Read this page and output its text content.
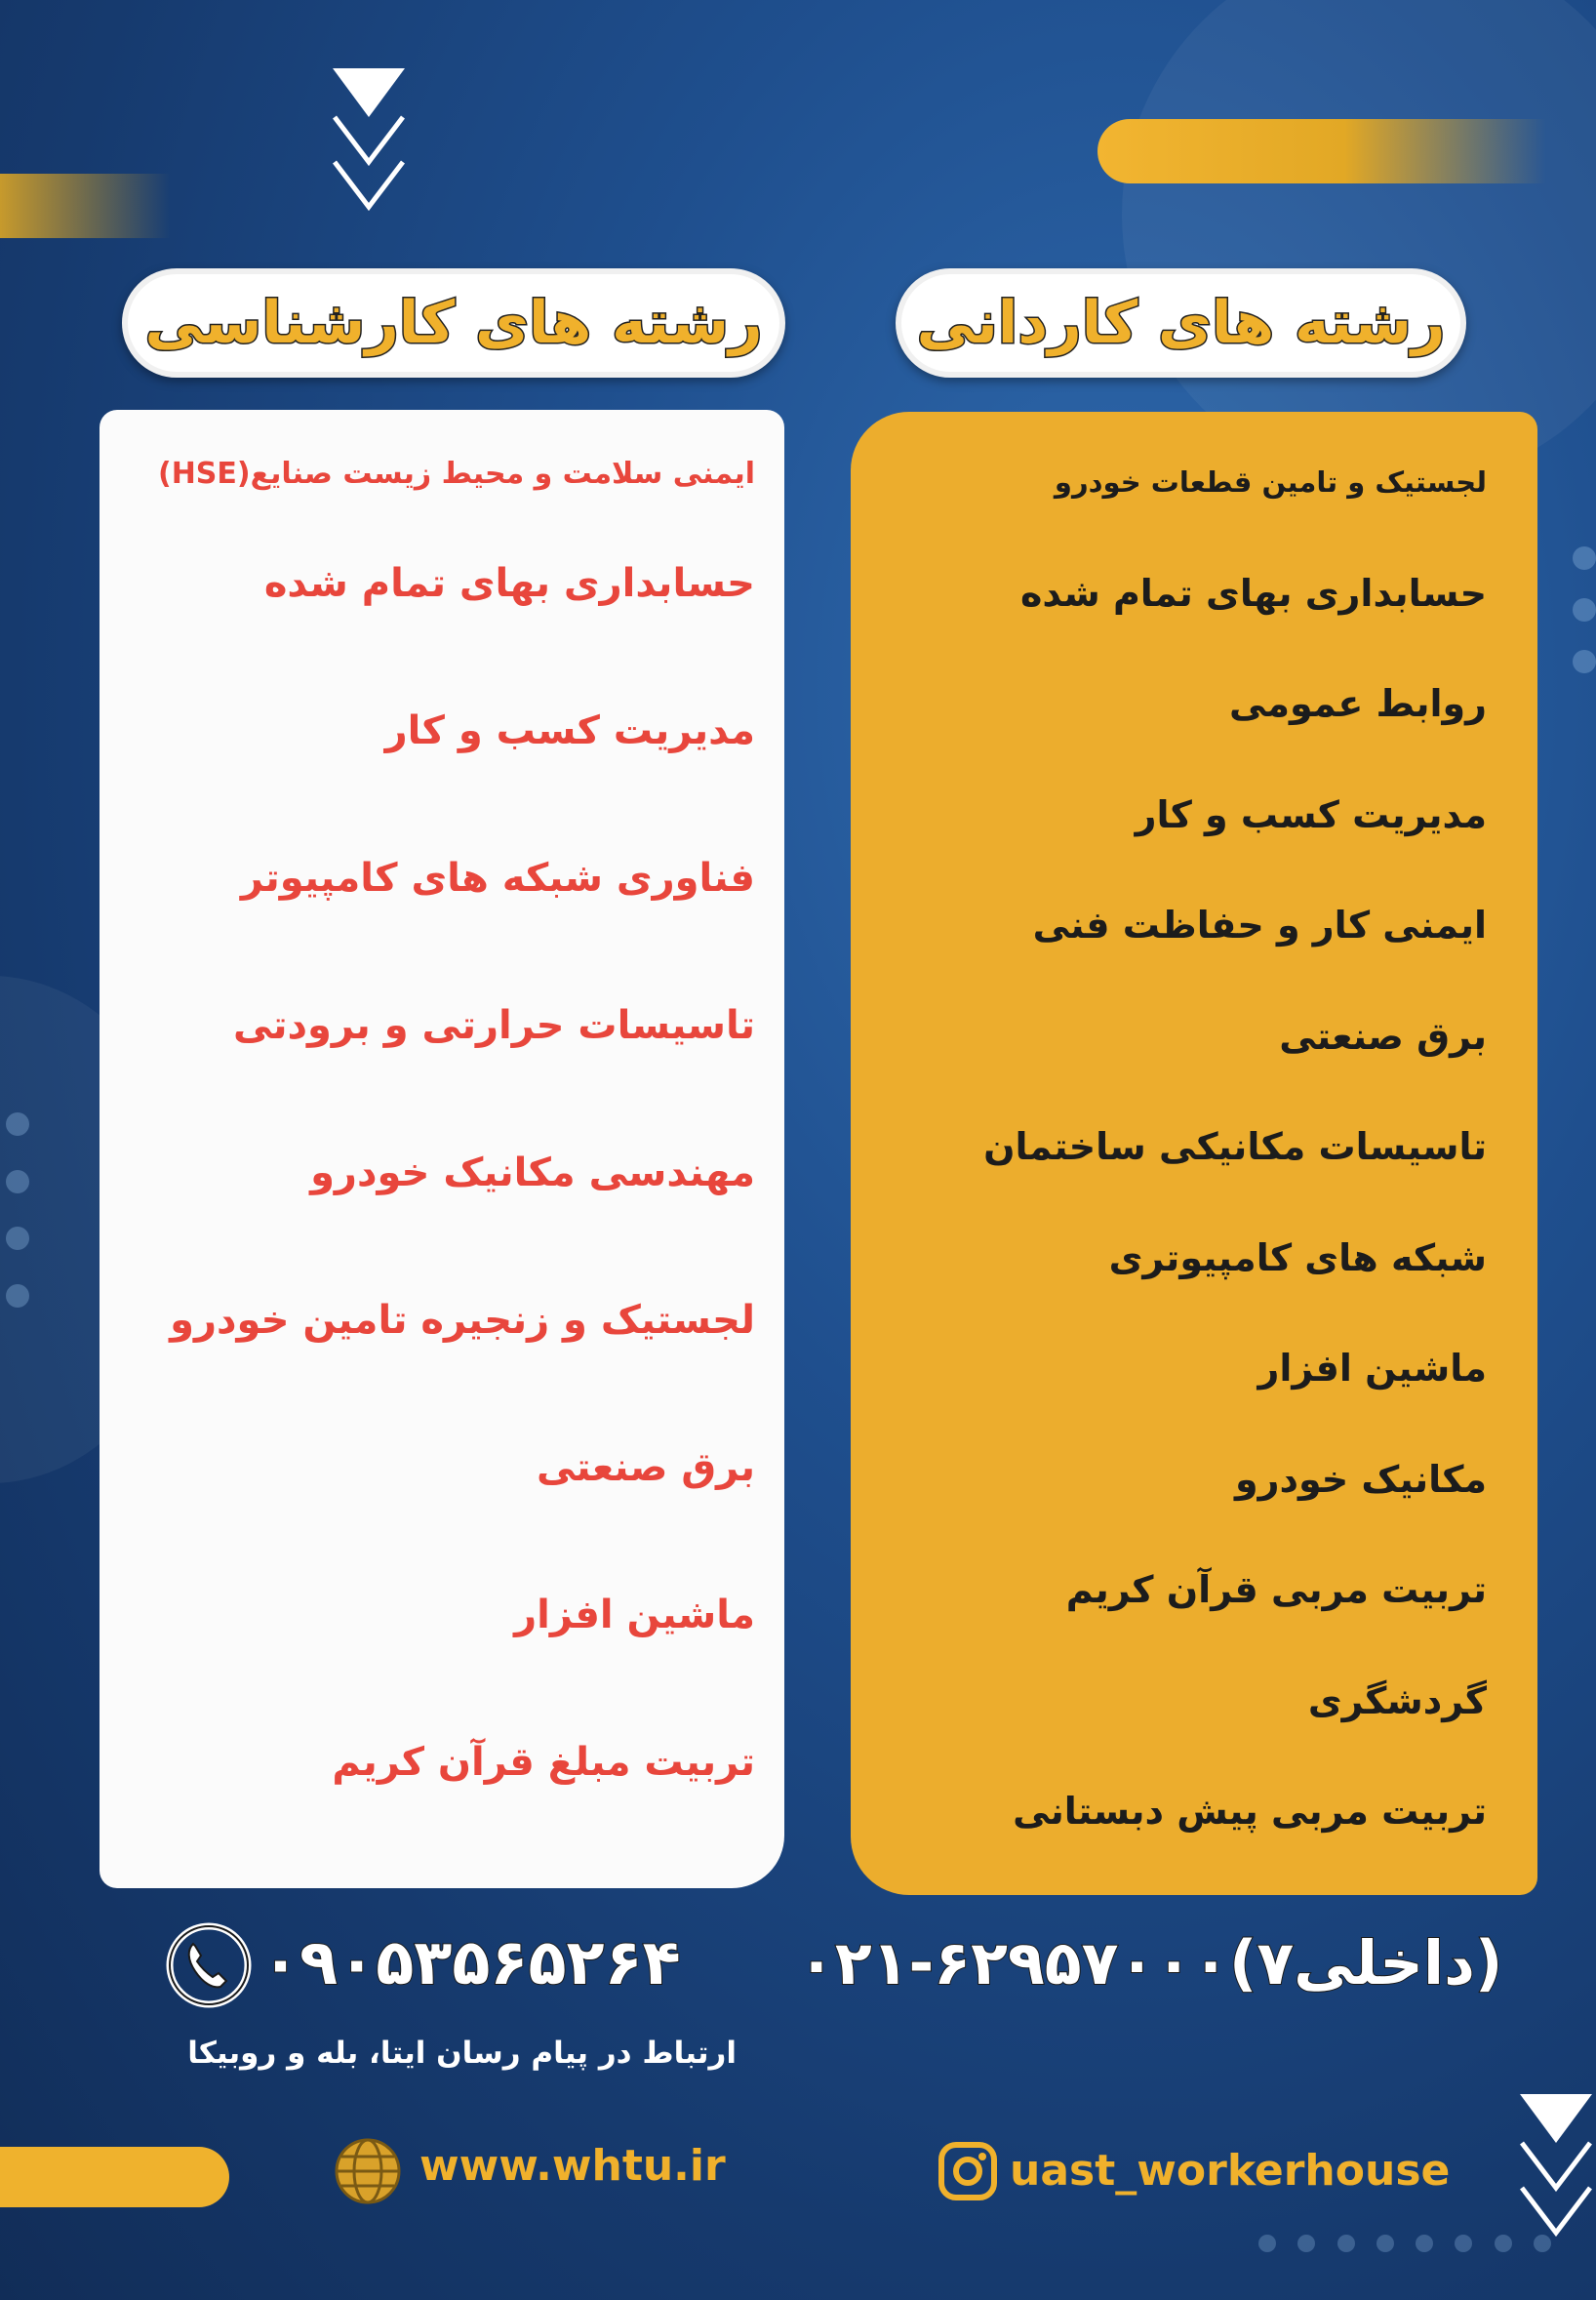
رشته های کاردانی
رشته های کارشناسی
لجستیک و تامین قطعات خودرو
حسابداری بهای تمام شده
روابط عمومی
مدیریت کسب و کار
ایمنی کار و حفاظت فنی
برق صنعتی
تاسیسات مکانیکی ساختمان
شبکه های کامپیوتری
ماشین افزار
مکانیک خودرو
تربیت مربی قرآن کریم
گردشگری
تربیت مربی پیش دبستانی
ایمنی سلامت و محیط زیست صنایع(HSE)
حسابداری بهای تمام شده
مدیریت کسب و کار
فناوری شبکه های کامپیوتر
تاسیسات حرارتی و برودتی
مهندسی مکانیک خودرو
لجستیک و زنجیره تامین خودرو
برق صنعتی
ماشین افزار
تربیت مبلغ قرآن کریم
۰۲۱-۶۲۹۵۷۰۰۰(داخلی۷)
۰۹۰۵۳۵۶۵۲۶۴
ارتباط در پیام رسان ایتا، بله و روبیکا
www.whtu.ir	uast_workerhouse
